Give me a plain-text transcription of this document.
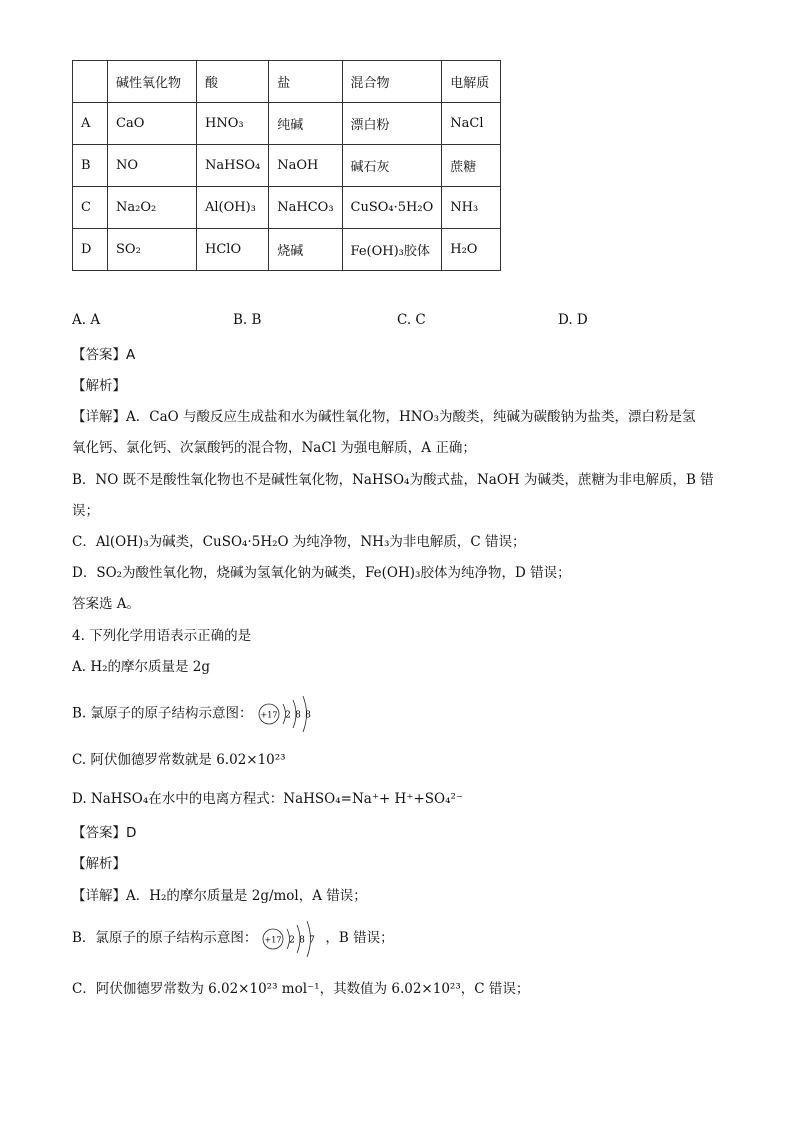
	碱性氧化物	酸	盐	混合物	电解质
A	CaO	HNO₃	纯碱	漂白粉	NaCl
B	NO	NaHSO₄	NaOH	碱石灰	蔗糖
C	Na₂O₂	Al(OH)₃	NaHCO₃	CuSO₄·5H₂O	NH₃
D	SO₂	HClO	烧碱	Fe(OH)₃胶体	H₂O
A. A	B. B	C. C	D. D
【答案】A
【解析】
【详解】A．CaO 与酸反应生成盐和水为碱性氧化物，HNO₃为酸类，纯碱为碳酸钠为盐类，漂白粉是氢
氧化钙、氯化钙、次氯酸钙的混合物，NaCl 为强电解质，A 正确；
B．NO 既不是酸性氧化物也不是碱性氧化物，NaHSO₄为酸式盐，NaOH 为碱类，蔗糖为非电解质，B 错
误；
C．Al(OH)₃为碱类，CuSO₄·5H₂O 为纯净物，NH₃为非电解质，C 错误；
D．SO₂为酸性氧化物，烧碱为氢氧化钠为碱类，Fe(OH)₃胶体为纯净物，D 错误；
答案选 A。
4. 下列化学用语表示正确的是
A. H₂的摩尔质量是 2g
B. 氯原子的原子结构示意图： +17 2 8 8
C. 阿伏伽德罗常数就是 6.02×10²³
D. NaHSO₄在水中的电离方程式：NaHSO₄=Na⁺+ H⁺+SO₄²⁻
【答案】D
【解析】
【详解】A．H₂的摩尔质量是 2g/mol，A 错误；
B．氯原子的原子结构示意图： +17 2 8 7 ，B 错误；
C．阿伏伽德罗常数为 6.02×10²³ mol⁻¹，其数值为 6.02×10²³，C 错误；
